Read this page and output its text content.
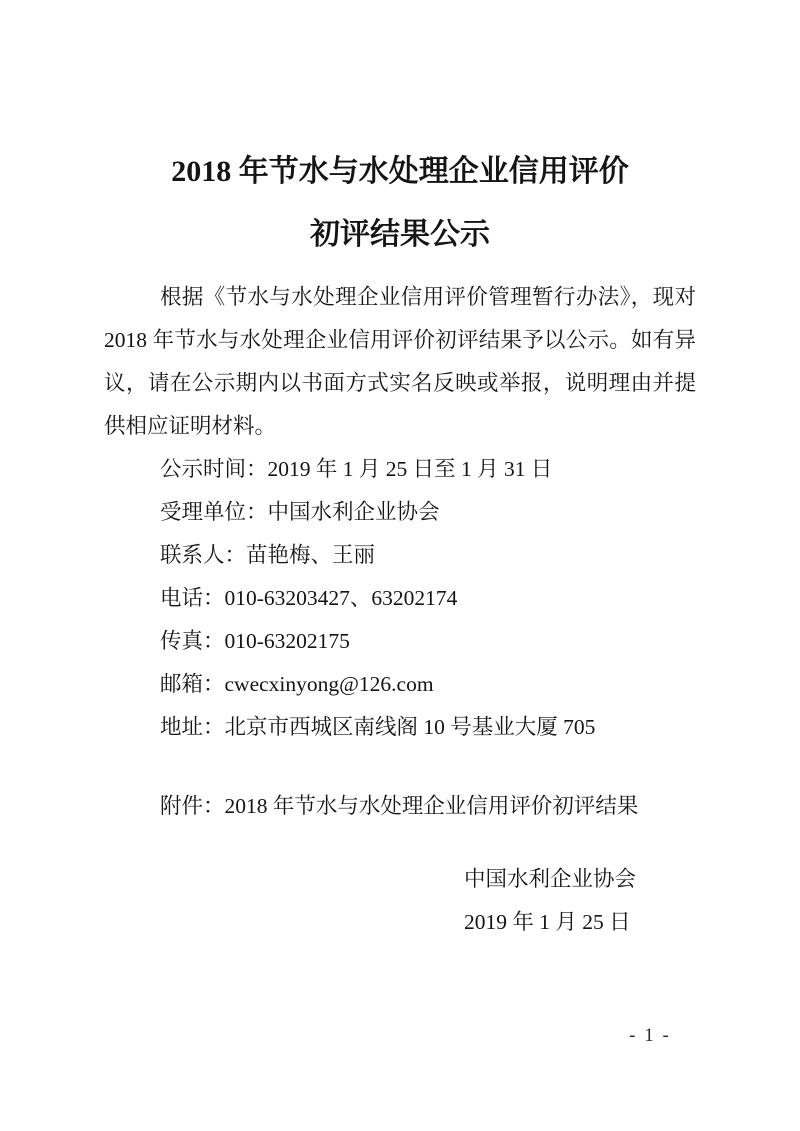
2018 年节水与水处理企业信用评价
初评结果公示
根据《节水与水处理企业信用评价管理暂行办法》，现对 2018 年节水与水处理企业信用评价初评结果予以公示。如有异议，请在公示期内以书面方式实名反映或举报，说明理由并提供相应证明材料。
公示时间：2019 年 1 月 25 日至 1 月 31 日
受理单位：中国水利企业协会
联系人：苗艳梅、王丽
电话：010-63203427、63202174
传真：010-63202175
邮箱：cwecxinyong@126.com
地址：北京市西城区南线阁 10 号基业大厦 705
附件：2018 年节水与水处理企业信用评价初评结果
中国水利企业协会
2019 年 1 月 25 日
- 1 -
